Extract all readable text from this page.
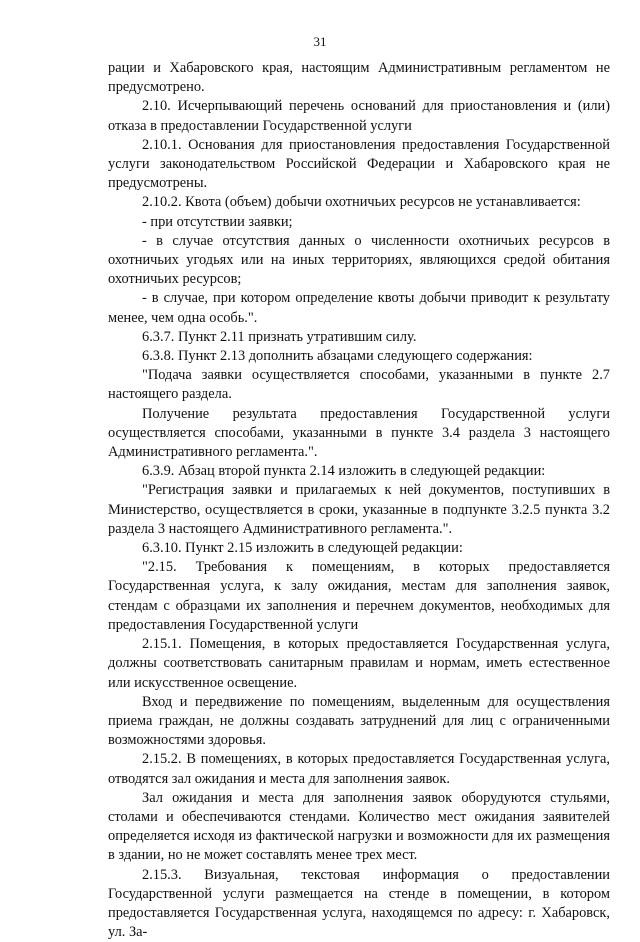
31

рации и Хабаровского края, настоящим Административным регламентом не предусмотрено.

2.10. Исчерпывающий перечень оснований для приостановления и (или) отказа в предоставлении Государственной услуги

2.10.1. Основания для приостановления предоставления Государственной услуги законодательством Российской Федерации и Хабаровского края не предусмотрены.

2.10.2. Квота (объем) добычи охотничьих ресурсов не устанавливается:

- при отсутствии заявки;

- в случае отсутствия данных о численности охотничьих ресурсов в охотничьих угодьях или на иных территориях, являющихся средой обитания охотничьих ресурсов;

- в случае, при котором определение квоты добычи приводит к результату менее, чем одна особь.".

6.3.7. Пункт 2.11 признать утратившим силу.

6.3.8. Пункт 2.13 дополнить абзацами следующего содержания:

"Подача заявки осуществляется способами, указанными в пункте 2.7 настоящего раздела.

Получение результата предоставления Государственной услуги осуществляется способами, указанными в пункте 3.4 раздела 3 настоящего Административного регламента.".

6.3.9. Абзац второй пункта 2.14 изложить в следующей редакции:

"Регистрация заявки и прилагаемых к ней документов, поступивших в Министерство, осуществляется в сроки, указанные в подпункте 3.2.5 пункта 3.2 раздела 3 настоящего Административного регламента.".

6.3.10. Пункт 2.15 изложить в следующей редакции:

"2.15. Требования к помещениям, в которых предоставляется Государственная услуга, к залу ожидания, местам для заполнения заявок, стендам с образцами их заполнения и перечнем документов, необходимых для предоставления Государственной услуги

2.15.1. Помещения, в которых предоставляется Государственная услуга, должны соответствовать санитарным правилам и нормам, иметь естественное или искусственное освещение.

Вход и передвижение по помещениям, выделенным для осуществления приема граждан, не должны создавать затруднений для лиц с ограниченными возможностями здоровья.

2.15.2. В помещениях, в которых предоставляется Государственная услуга, отводятся зал ожидания и места для заполнения заявок.

Зал ожидания и места для заполнения заявок оборудуются стульями, столами и обеспечиваются стендами. Количество мест ожидания заявителей определяется исходя из фактической нагрузки и возможности для их размещения в здании, но не может составлять менее трех мест.

2.15.3. Визуальная, текстовая информация о предоставлении Государственной услуги размещается на стенде в помещении, в котором предоставляется Государственная услуга, находящемся по адресу: г. Хабаровск, ул. За-
